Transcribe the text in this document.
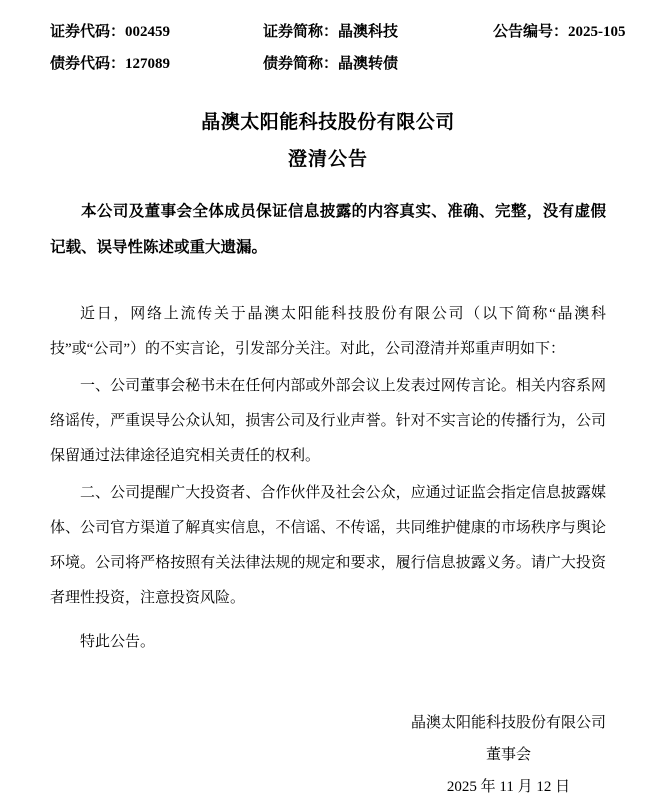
证券代码：002459	证券简称：晶澳科技	公告编号：2025-105
债券代码：127089	债券简称：晶澳转债
晶澳太阳能科技股份有限公司
澄清公告

本公司及董事会全体成员保证信息披露的内容真实、准确、完整，没有虚假记载、误导性陈述或重大遗漏。

近日，网络上流传关于晶澳太阳能科技股份有限公司（以下简称“晶澳科技”或“公司”）的不实言论，引发部分关注。对此，公司澄清并郑重声明如下：

一、公司董事会秘书未在任何内部或外部会议上发表过网传言论。相关内容系网络谣传，严重误导公众认知，损害公司及行业声誉。针对不实言论的传播行为，公司保留通过法律途径追究相关责任的权利。

二、公司提醒广大投资者、合作伙伴及社会公众，应通过证监会指定信息披露媒体、公司官方渠道了解真实信息，不信谣、不传谣，共同维护健康的市场秩序与舆论环境。公司将严格按照有关法律法规的规定和要求，履行信息披露义务。请广大投资者理性投资，注意投资风险。

特此公告。

晶澳太阳能科技股份有限公司
董事会
2025 年 11 月 12 日
